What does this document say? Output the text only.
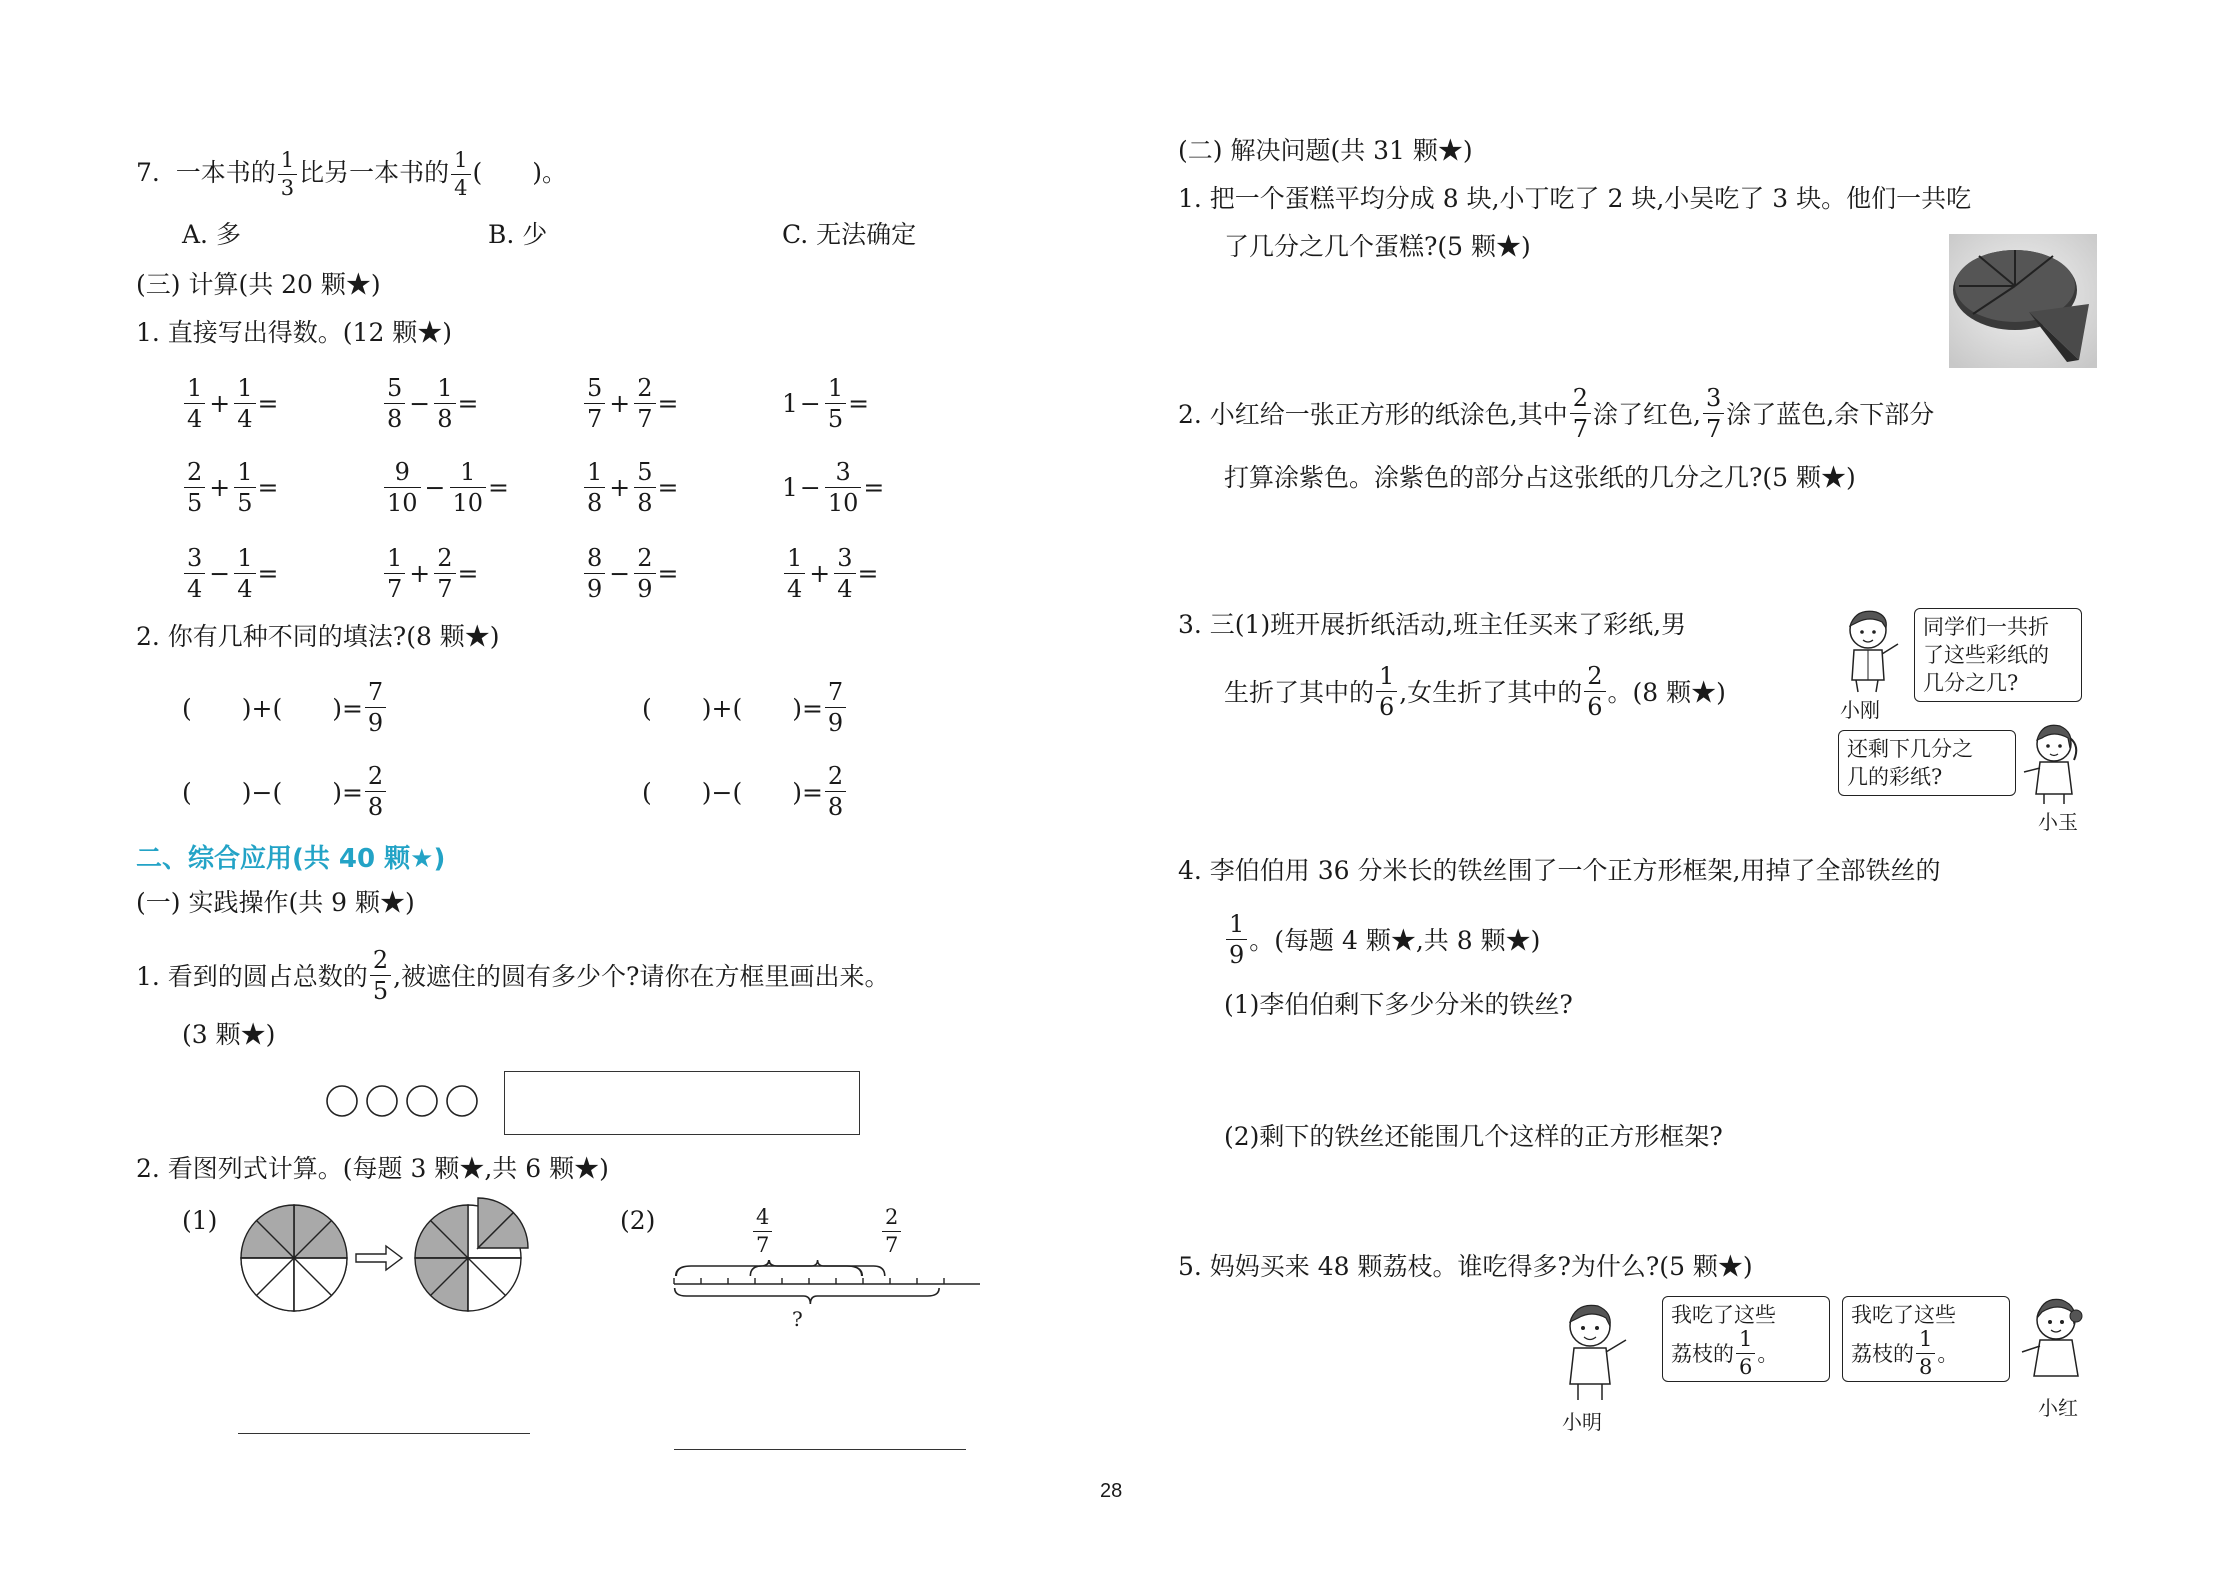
7. 一本书的 $\frac{1}{3}$ 比另一本书的 $\frac{1}{4}$ (　　)。
A. 多	B. 少	C. 无法确定
(三) 计算(共 20 颗★)
1. 直接写出得数。(12 颗★)
$\frac{1}{4} + \frac{1}{4}$ =	$\frac{5}{8} - \frac{1}{8}$ =	$\frac{5}{7} + \frac{2}{7}$ =	$1 - \frac{1}{5}$ =
$\frac{2}{5} + \frac{1}{5}$ =	$\frac{9}{10} - \frac{1}{10}$ =	$\frac{1}{8} + \frac{5}{8}$ =	$1 - \frac{3}{10}$ =
$\frac{3}{4} - \frac{1}{4}$ =	$\frac{1}{7} + \frac{2}{7}$ =	$\frac{8}{9} - \frac{2}{9}$ =	$\frac{1}{4} + \frac{3}{4}$ =
2. 你有几种不同的填法?(8 颗★)
(　　)+(　　)= $\frac{7}{9}$	(　　)+(　　)= $\frac{7}{9}$
(　　)−(　　)= $\frac{2}{8}$	(　　)−(　　)= $\frac{2}{8}$
二、综合应用(共 40 颗★)
(一) 实践操作(共 9 颗★)
1. 看到的圆占总数的 $\frac{2}{5}$ ,被遮住的圆有多少个?请你在方框里画出来。
(3 颗★)
2. 看图列式计算。(每题 3 颗★,共 6 颗★)
(1)	(2)	$\frac{4}{7}$	$\frac{2}{7}$
?
(二) 解决问题(共 31 颗★)
1. 把一个蛋糕平均分成 8 块,小丁吃了 2 块,小吴吃了 3 块。他们一共吃
了几分之几个蛋糕?(5 颗★)
2. 小红给一张正方形的纸涂色,其中 $\frac{2}{7}$ 涂了红色, $\frac{3}{7}$ 涂了蓝色,余下部分
打算涂紫色。涂紫色的部分占这张纸的几分之几?(5 颗★)
3. 三(1)班开展折纸活动,班主任买来了彩纸,男
生折了其中的 $\frac{1}{6}$ ,女生折了其中的 $\frac{2}{6}$ 。(8 颗★)
小刚
同学们一共折
了这些彩纸的
几分之几?
还剩下几分之
几的彩纸?
小玉
4. 李伯伯用 36 分米长的铁丝围了一个正方形框架,用掉了全部铁丝的
$\frac{1}{9}$ 。(每题 4 颗★,共 8 颗★)
(1)李伯伯剩下多少分米的铁丝?
(2)剩下的铁丝还能围几个这样的正方形框架?
5. 妈妈买来 48 颗荔枝。谁吃得多?为什么?(5 颗★)
小明
我吃了这些
荔枝的 $\frac{1}{6}$ 。
我吃了这些
荔枝的 $\frac{1}{8}$ 。
小红
28
